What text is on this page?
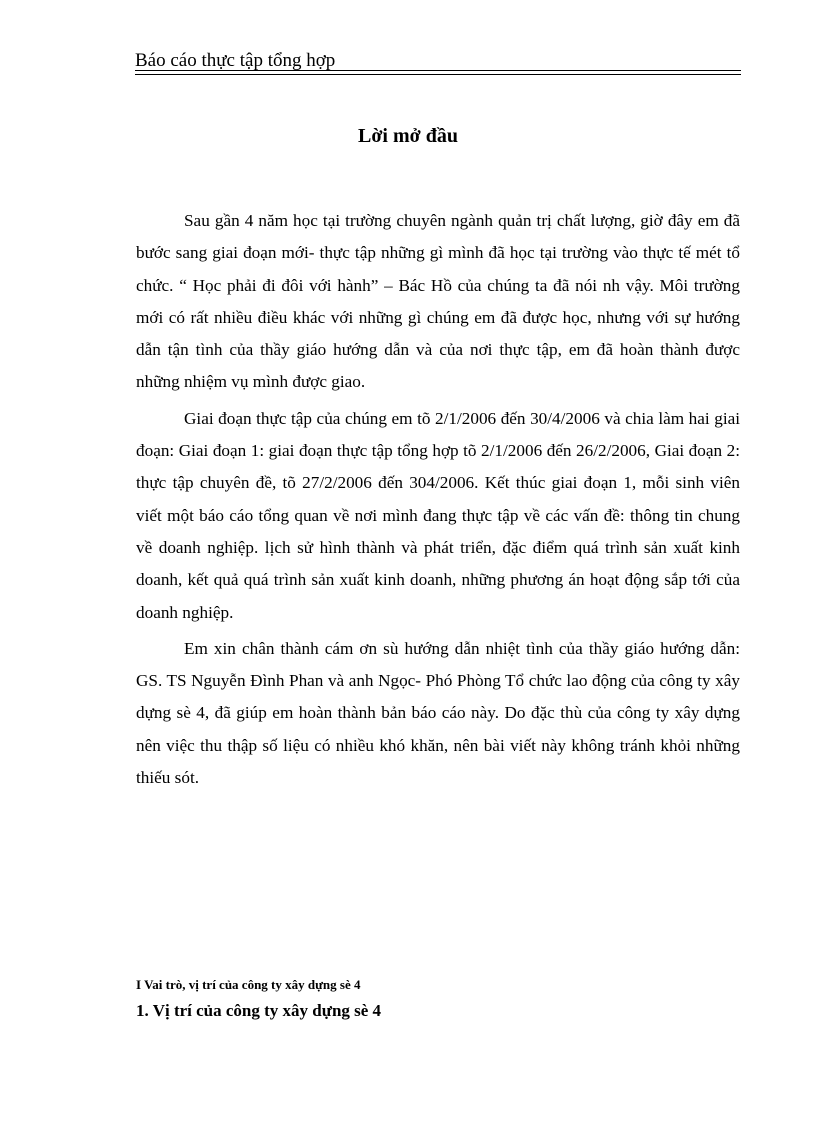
Báo cáo thực tập tổng hợp
Lời mở đầu

Sau gần 4 năm học tại trường chuyên ngành quản trị chất lượng, giờ đây em đã bước sang giai đoạn mới- thực tập những gì mình đã học tại trường vào thực tế mét tổ chức. “ Học phải đi đôi với hành” – Bác Hồ của chúng ta đã nói nh vậy. Môi trường mới có rất nhiều điều khác với những gì chúng em đã được học, nhưng với sự hướng dẫn tận tình của thầy giáo hướng dẫn và của nơi thực tập, em đã hoàn thành được những nhiệm vụ mình được giao.

Giai đoạn thực tập của chúng em tõ 2/1/2006 đến 30/4/2006 và chia làm hai giai đoạn: Giai đoạn 1: giai đoạn thực tập tổng hợp tõ 2/1/2006 đến 26/2/2006, Giai đoạn 2: thực tập chuyên đề, tõ 27/2/2006 đến 304/2006. Kết thúc giai đoạn 1, mỗi sinh viên viết một báo cáo tổng quan về nơi mình đang thực tập về các vấn đề: thông tin chung về doanh nghiệp. lịch sử hình thành và phát triển, đặc điểm quá trình sản xuất kinh doanh, kết quả quá trình sản xuất kinh doanh, những phương án hoạt động sắp tới của doanh nghiệp.

Em xin chân thành cám ơn sù hướng dẫn nhiệt tình của thầy giáo hướng dẫn: GS. TS Nguyễn Đình Phan và anh Ngọc- Phó Phòng Tổ chức lao động của công ty xây dựng sè 4, đã giúp em hoàn thành bản báo cáo này. Do đặc thù của công ty xây dựng nên việc thu thập số liệu có nhiều khó khăn, nên bài viết này không tránh khỏi những thiếu sót.

I Vai trò, vị trí của công ty xây dựng sè 4
1. Vị trí của công ty xây dựng sè 4
